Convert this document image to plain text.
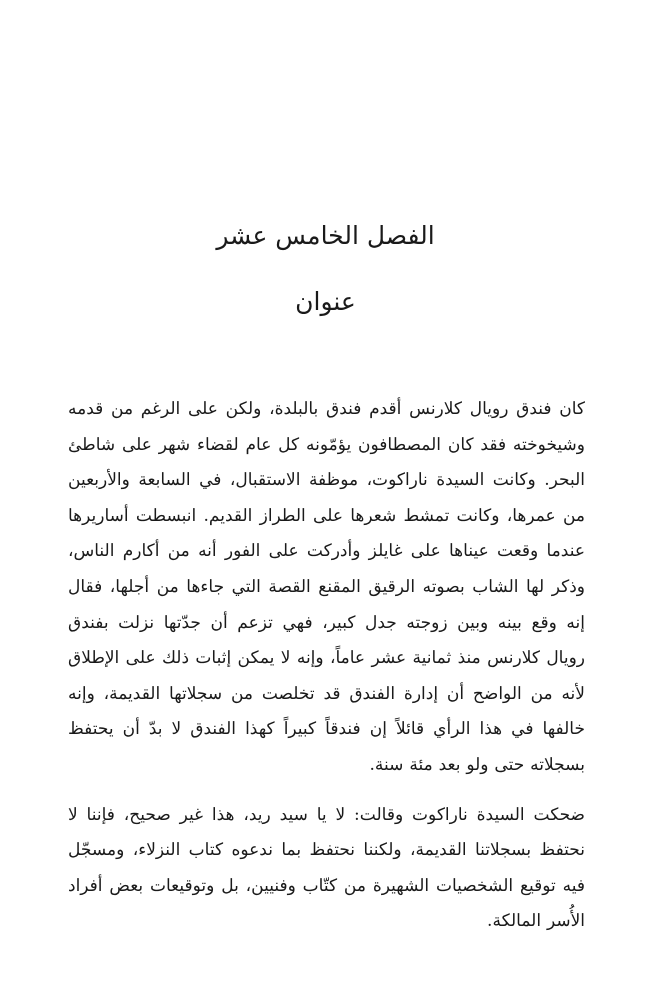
الفصل الخامس عشر
عنوان

كان فندق رويال كلارنس أقدم فندق بالبلدة، ولكن على الرغم من قدمه وشيخوخته فقد كان المصطافون يؤمّونه كل عام لقضاء شهر على شاطئ البحر. وكانت السيدة ناراكوت، موظفة الاستقبال، في السابعة والأربعين من عمرها، وكانت تمشط شعرها على الطراز القديم. انبسطت أساريرها عندما وقعت عيناها على غايلز وأدركت على الفور أنه من أكارم الناس، وذكر لها الشاب بصوته الرقيق المقنع القصة التي جاءها من أجلها، فقال إنه وقع بينه وبين زوجته جدل كبير، فهي تزعم أن جدّتها نزلت بفندق رويال كلارنس منذ ثمانية عشر عاماً، وإنه لا يمكن إثبات ذلك على الإطلاق لأنه من الواضح أن إدارة الفندق قد تخلصت من سجلاتها القديمة، وإنه خالفها في هذا الرأي قائلاً إن فندقاً كبيراً كهذا الفندق لا بدّ أن يحتفظ بسجلاته حتى ولو بعد مئة سنة.

ضحكت السيدة ناراكوت وقالت: لا يا سيد ريد، هذا غير صحيح، فإننا لا نحتفظ بسجلاتنا القديمة، ولكننا نحتفظ بما ندعوه كتاب النزلاء، ومسجّل فيه توقيع الشخصيات الشهيرة من كتّاب وفنيين، بل وتوقيعات بعض أفراد الأُسر المالكة.
